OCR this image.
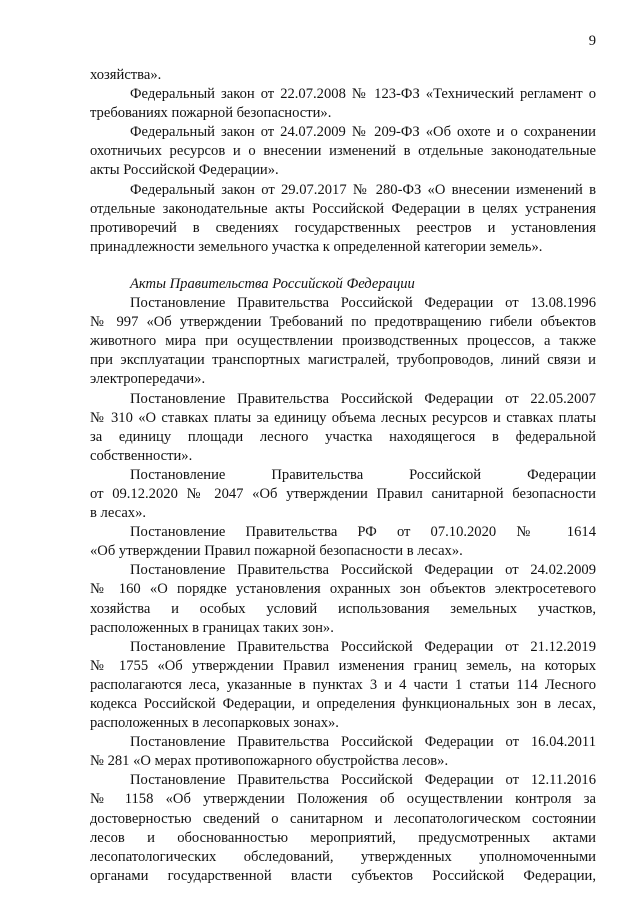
9
хозяйства».
Федеральный закон от 22.07.2008 № 123-ФЗ «Технический регламент о
требованиях пожарной безопасности».
Федеральный закон от 24.07.2009 № 209-ФЗ «Об охоте и о сохранении
охотничьих ресурсов и о внесении изменений в отдельные законодательные
акты Российской Федерации».
Федеральный закон от 29.07.2017 № 280-ФЗ «О внесении изменений в
отдельные законодательные акты Российской Федерации в целях устранения
противоречий в сведениях государственных реестров и установления
принадлежности земельного участка к определенной категории земель».
Акты Правительства Российской Федерации
Постановление Правительства Российской Федерации от 13.08.1996
№ 997 «Об утверждении Требований по предотвращению гибели объектов
животного мира при осуществлении производственных процессов, а также
при эксплуатации транспортных магистралей, трубопроводов, линий связи и
электропередачи».
Постановление Правительства Российской Федерации от 22.05.2007
№ 310 «О ставках платы за единицу объема лесных ресурсов и ставках платы
за единицу площади лесного участка находящегося в федеральной
собственности».
Постановление Правительства Российской Федерации
от 09.12.2020 № 2047 «Об утверждении Правил санитарной безопасности
в лесах».
Постановление Правительства РФ от 07.10.2020 № 1614
«Об утверждении Правил пожарной безопасности в лесах».
Постановление Правительства Российской Федерации от 24.02.2009
№ 160 «О порядке установления охранных зон объектов электросетевого
хозяйства и особых условий использования земельных участков,
расположенных в границах таких зон».
Постановление Правительства Российской Федерации от 21.12.2019
№ 1755 «Об утверждении Правил изменения границ земель, на которых
располагаются леса, указанные в пунктах 3 и 4 части 1 статьи 114 Лесного
кодекса Российской Федерации, и определения функциональных зон в лесах,
расположенных в лесопарковых зонах».
Постановление Правительства Российской Федерации от 16.04.2011
№ 281 «О мерах противопожарного обустройства лесов».
Постановление Правительства Российской Федерации от 12.11.2016
№ 1158 «Об утверждении Положения об осуществлении контроля за
достоверностью сведений о санитарном и лесопатологическом состоянии
лесов и обоснованностью мероприятий, предусмотренных актами
лесопатологических обследований, утвержденных уполномоченными
органами государственной власти субъектов Российской Федерации,
